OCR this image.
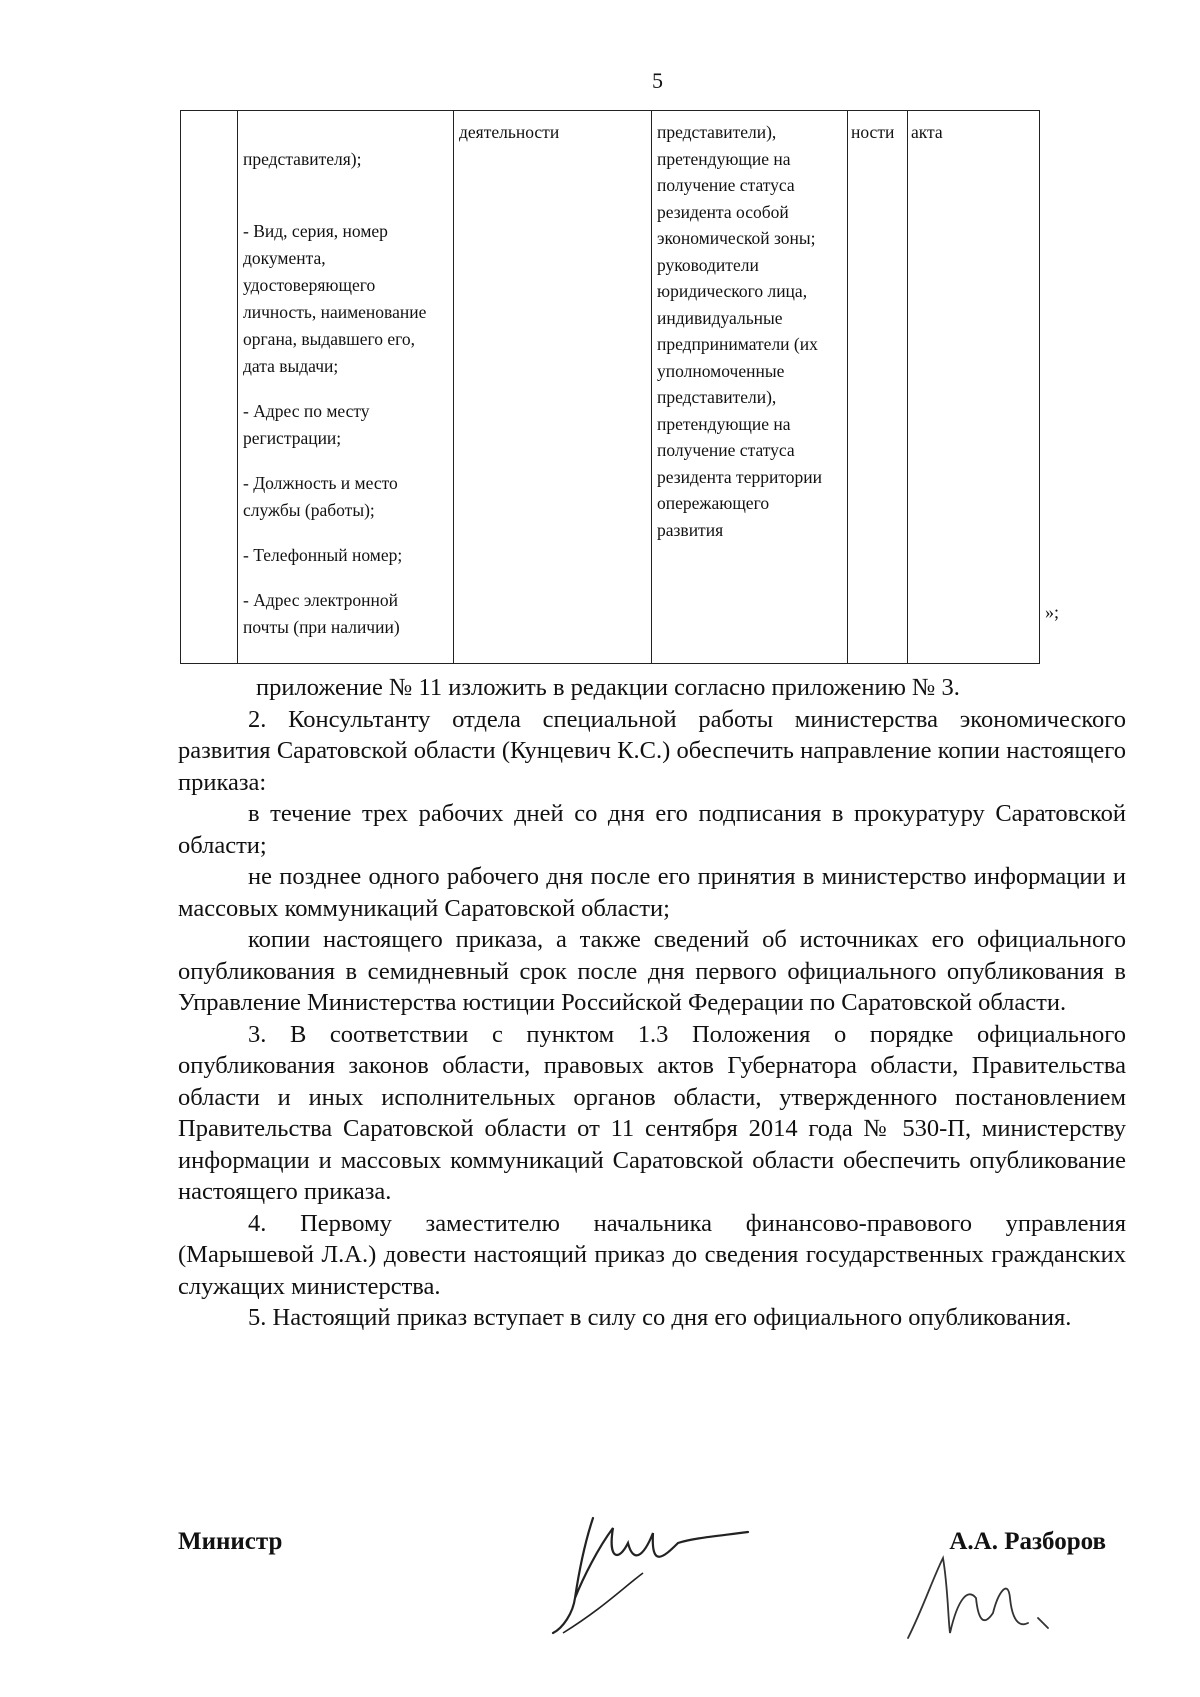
5

представителя);

- Вид, серия, номер
документа,
удостоверяющего
личность, наименование
органа, выдавшего его,
дата выдачи;

- Адрес по месту
регистрации;

- Должность и место
службы (работы);

- Телефонный номер;

- Адрес электронной
почты (при наличии)

деятельности	представители),
претендующие на
получение статуса
резидента особой
экономической зоны;
руководители
юридического лица,
индивидуальные
предприниматели (их
уполномоченные
представители),
претендующие на
получение статуса
резидента территории
опережающего
развития
ности акта
»;

приложение № 11 изложить в редакции согласно приложению № 3.

2. Консультанту отдела специальной работы министерства экономического развития Саратовской области (Кунцевич К.С.) обеспечить направление копии настоящего приказа:

в течение трех рабочих дней со дня его подписания в прокуратуру Саратовской области;

не позднее одного рабочего дня после его принятия в министерство информации и массовых коммуникаций Саратовской области;

копии настоящего приказа, а также сведений об источниках его официального опубликования в семидневный срок после дня первого официального опубликования в Управление Министерства юстиции Российской Федерации по Саратовской области.

3. В соответствии с пунктом 1.3 Положения о порядке официального опубликования законов области, правовых актов Губернатора области, Правительства области и иных исполнительных органов области, утвержденного постановлением Правительства Саратовской области от 11 сентября 2014 года № 530-П, министерству информации и массовых коммуникаций Саратовской области обеспечить опубликование настоящего приказа.

4. Первому заместителю начальника финансово-правового управления (Марышевой Л.А.) довести настоящий приказ до сведения государственных гражданских служащих министерства.

5. Настоящий приказ вступает в силу со дня его официального опубликования.

Министр	А.А. Разборов
